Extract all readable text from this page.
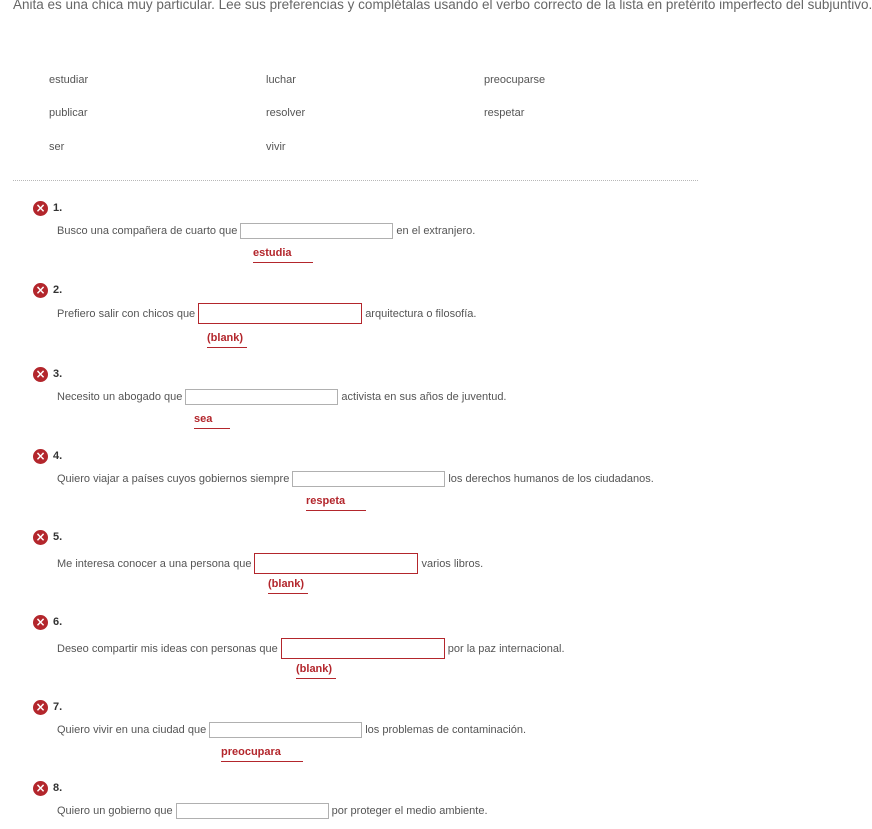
Anita es una chica muy particular. Lee sus preferencias y complétalas usando el verbo correcto de la lista en pretérito imperfecto del subjuntivo.
estudiar	luchar	preocuparse
publicar	resolver	respetar
ser	vivir
× 1.
Busco una compañera de cuarto que	en el extranjero.
estudia
× 2.
Prefiero salir con chicos que	arquitectura o filosofía.
(blank)
× 3.
Necesito un abogado que	activista en sus años de juventud.
sea
× 4.
Quiero viajar a países cuyos gobiernos siempre	los derechos humanos de los ciudadanos.
respeta
× 5.
Me interesa conocer a una persona que	varios libros.
(blank)
× 6.
Deseo compartir mis ideas con personas que	por la paz internacional.
(blank)
× 7.
Quiero vivir en una ciudad que	los problemas de contaminación.
preocupara
× 8.
Quiero un gobierno que	por proteger el medio ambiente.
